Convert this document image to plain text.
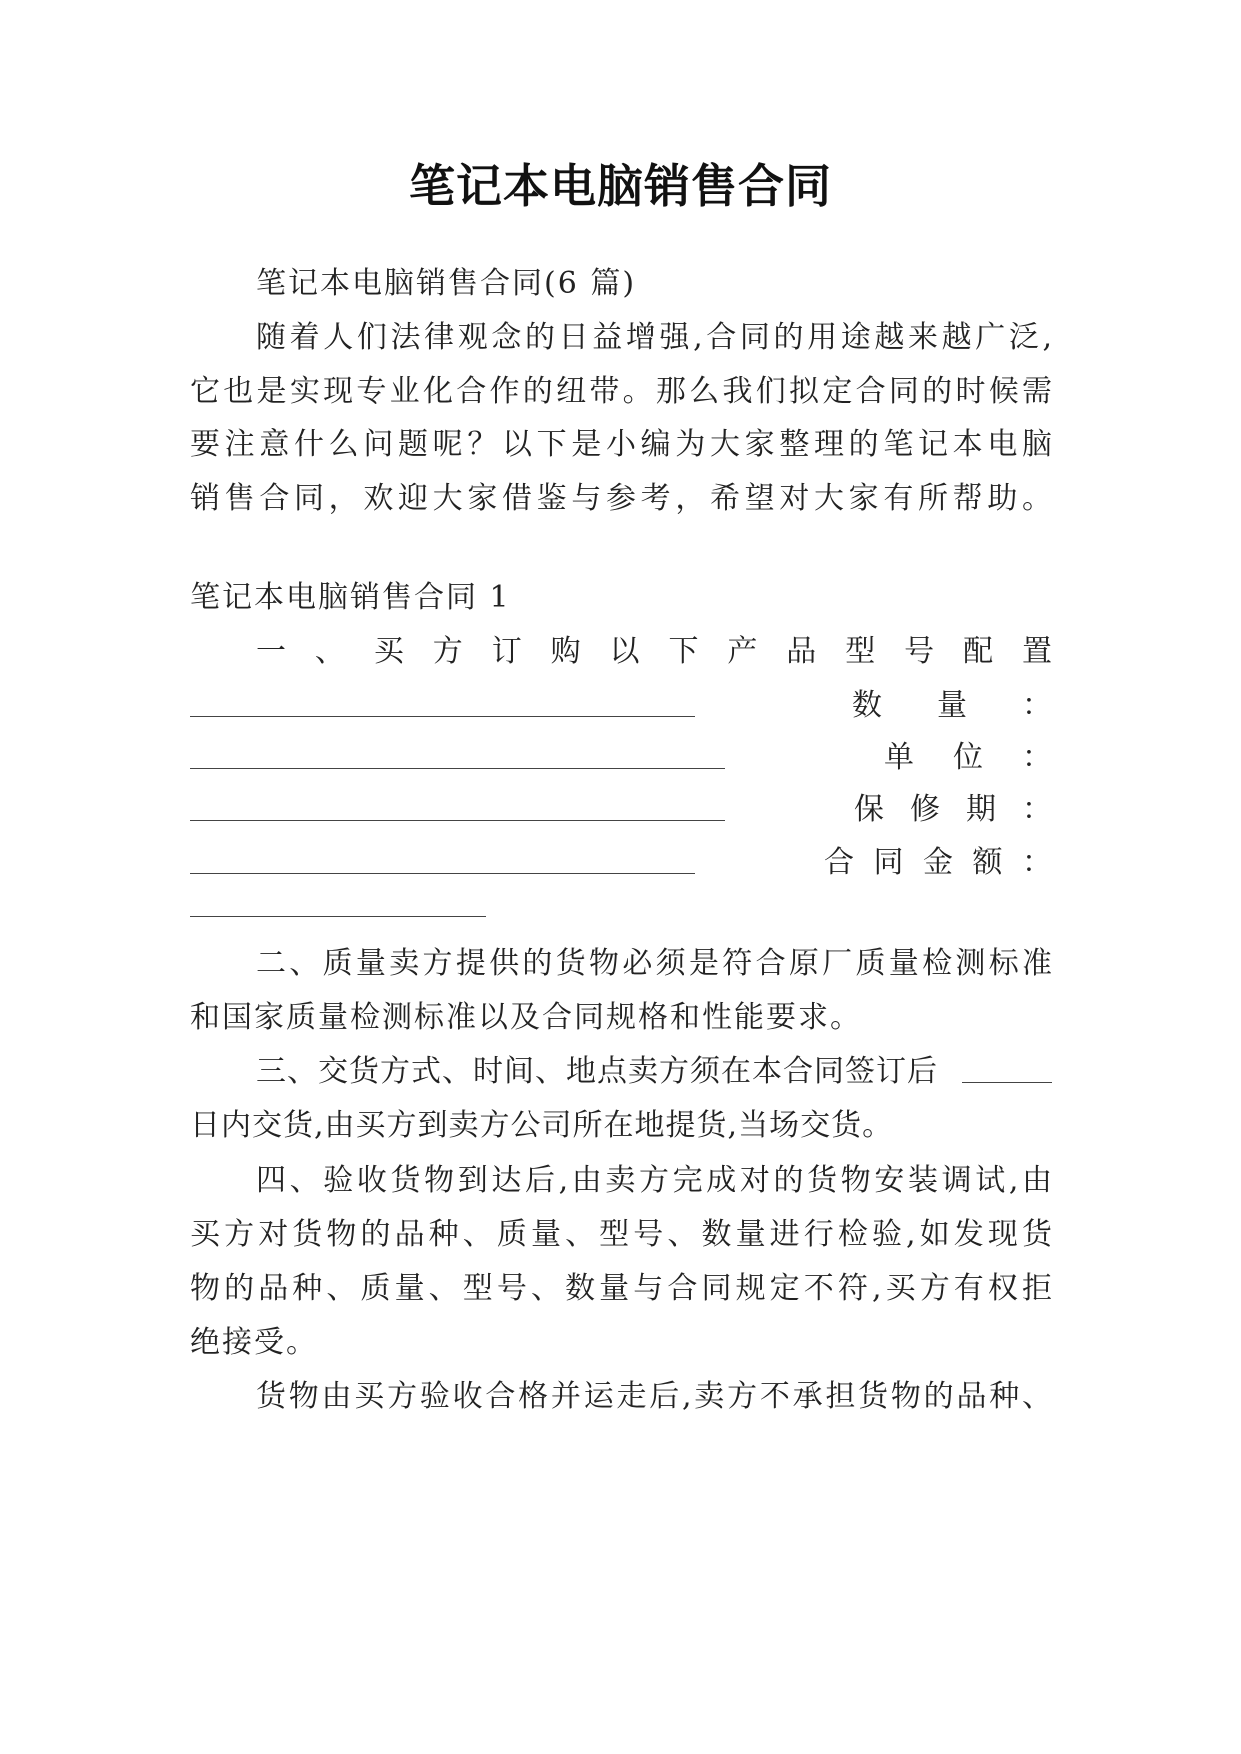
笔记本电脑销售合同
笔记本电脑销售合同(6 篇)
随着人们法律观念的日益增强,合同的用途越来越广泛,
它也是实现专业化合作的纽带。那么我们拟定合同的时候需
要注意什么问题呢？以下是小编为大家整理的笔记本电脑
销售合同，欢迎大家借鉴与参考，希望对大家有所帮助。
笔记本电脑销售合同 1
一 、 买 方 订 购 以 下 产 品 型 号 配 置
数 量 ：
单 位 ：
保 修 期 ：
合 同 金 额 ：
二、质量卖方提供的货物必须是符合原厂质量检测标准
和国家质量检测标准以及合同规格和性能要求。
三、交货方式、时间、地点卖方须在本合同签订后
日内交货,由买方到卖方公司所在地提货,当场交货。
四、验收货物到达后,由卖方完成对的货物安装调试,由
买方对货物的品种、质量、型号、数量进行检验,如发现货
物的品种、质量、型号、数量与合同规定不符,买方有权拒
绝接受。
货物由买方验收合格并运走后,卖方不承担货物的品种、
